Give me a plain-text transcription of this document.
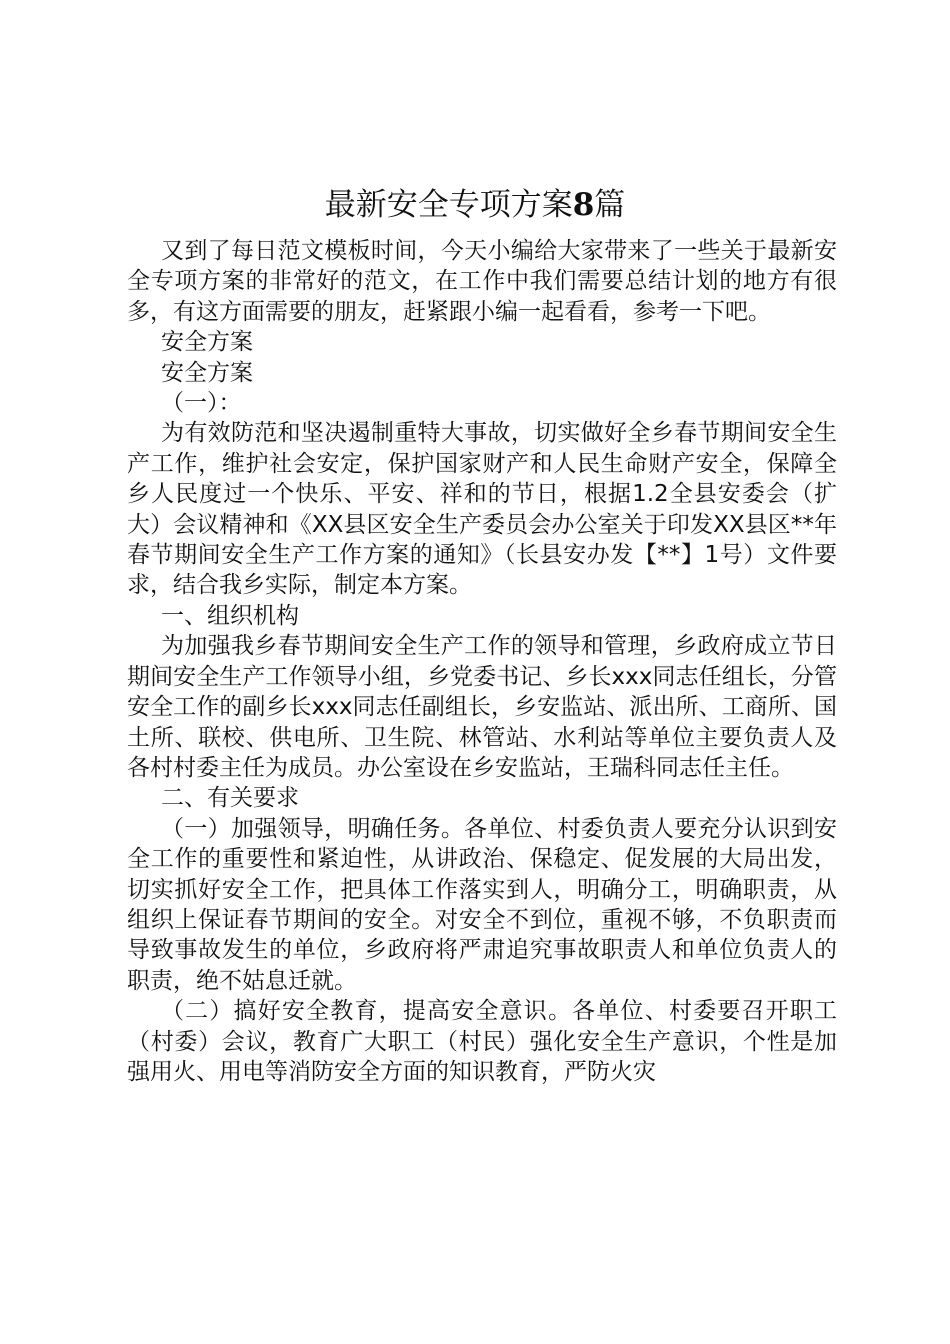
最新安全专项方案8篇

又到了每日范文模板时间，今天小编给大家带来了一些关于最新安全专项方案的非常好的范文，在工作中我们需要总结计划的地方有很多，有这方面需要的朋友，赶紧跟小编一起看看，参考一下吧。

安全方案

安全方案

（一）：

为有效防范和坚决遏制重特大事故，切实做好全乡春节期间安全生产工作，维护社会安定，保护国家财产和人民生命财产安全，保障全乡人民度过一个快乐、平安、祥和的节日，根据1.2全县安委会（扩大）会议精神和《XX县区安全生产委员会办公室关于印发XX县区**年春节期间安全生产工作方案的通知》（长县安办发【**】1号）文件要求，结合我乡实际，制定本方案。

一、组织机构

为加强我乡春节期间安全生产工作的领导和管理，乡政府成立节日期间安全生产工作领导小组，乡党委书记、乡长xxx同志任组长，分管安全工作的副乡长xxx同志任副组长，乡安监站、派出所、工商所、国土所、联校、供电所、卫生院、林管站、水利站等单位主要负责人及各村村委主任为成员。办公室设在乡安监站，王瑞科同志任主任。

二、有关要求

（一）加强领导，明确任务。各单位、村委负责人要充分认识到安全工作的重要性和紧迫性，从讲政治、保稳定、促发展的大局出发，切实抓好安全工作，把具体工作落实到人，明确分工，明确职责，从组织上保证春节期间的安全。对安全不到位，重视不够，不负职责而导致事故发生的单位，乡政府将严肃追究事故职责人和单位负责人的职责，绝不姑息迁就。

（二）搞好安全教育，提高安全意识。各单位、村委要召开职工（村委）会议，教育广大职工（村民）强化安全生产意识，个性是加强用火、用电等消防安全方面的知识教育，严防火灾
